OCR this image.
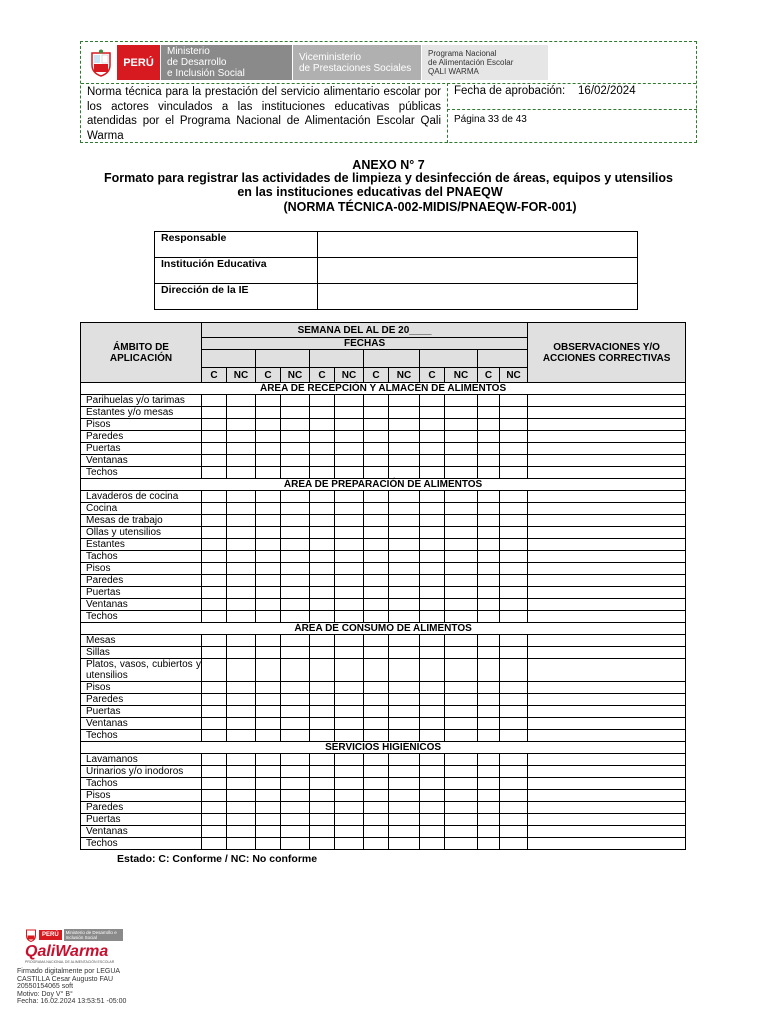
PERÚ
Ministerio
de Desarrollo
e Inclusión Social
Viceministerio
de Prestaciones Sociales
Programa Nacional
de Alimentación Escolar
QALI WARMA
Norma técnica para la prestación del servicio alimentario escolar por los actores vinculados a las instituciones educativas públicas atendidas por el Programa Nacional de Alimentación Escolar Qali Warma
Fecha de aprobación: 16/02/2024
Página 33 de 43
ANEXO N° 7
Formato para registrar las actividades de limpieza y desinfección de áreas, equipos y utensilios
en las instituciones educativas del PNAEQW
(NORMA TÉCNICA-002-MIDIS/PNAEQW-FOR-001)
Responsable	
Institución Educativa	
Dirección de la IE	
ÁMBITO DE APLICACIÓN	SEMANA DEL AL DE 20____												OBSERVACIONES Y/O ACCIONES CORRECTIVAS
	FECHAS												

	C	NC	C	NC	C	NC	C	NC	C	NC	C	NC	
ÁREA DE RECEPCIÓN Y ALMACÉN DE ALIMENTOS													
Parihuelas y/o tarimas													
Estantes y/o mesas													
Pisos													
Paredes													
Puertas													
Ventanas													
Techos													
ÁREA DE PREPARACIÓN DE ALIMENTOS													
Lavaderos de cocina													
Cocina													
Mesas de trabajo													
Ollas y utensilios													
Estantes													
Tachos													
Pisos													
Paredes													
Puertas													
Ventanas													
Techos													
ÁREA DE CONSUMO DE ALIMENTOS													
Mesas													
Sillas													
Platos, vasos, cubiertos y utensilios													
Pisos													
Paredes													
Puertas													
Ventanas													
Techos													
SERVICIOS HIGIÉNICOS													
Lavamanos													
Urinarios y/o inodoros													
Tachos													
Pisos													
Paredes													
Puertas													
Ventanas													
Techos													
Estado: C: Conforme / NC: No conforme
PERÚ	Ministerio de Desarrollo e Inclusión Social
QaliWarma
PROGRAMA NACIONAL DE ALIMENTACIÓN ESCOLAR
Firmado digitalmente por LEGUA
CASTILLA Cesar Augusto FAU
20550154065 soft
Motivo: Doy V° B°
Fecha: 16.02.2024 13:53:51 -05:00
